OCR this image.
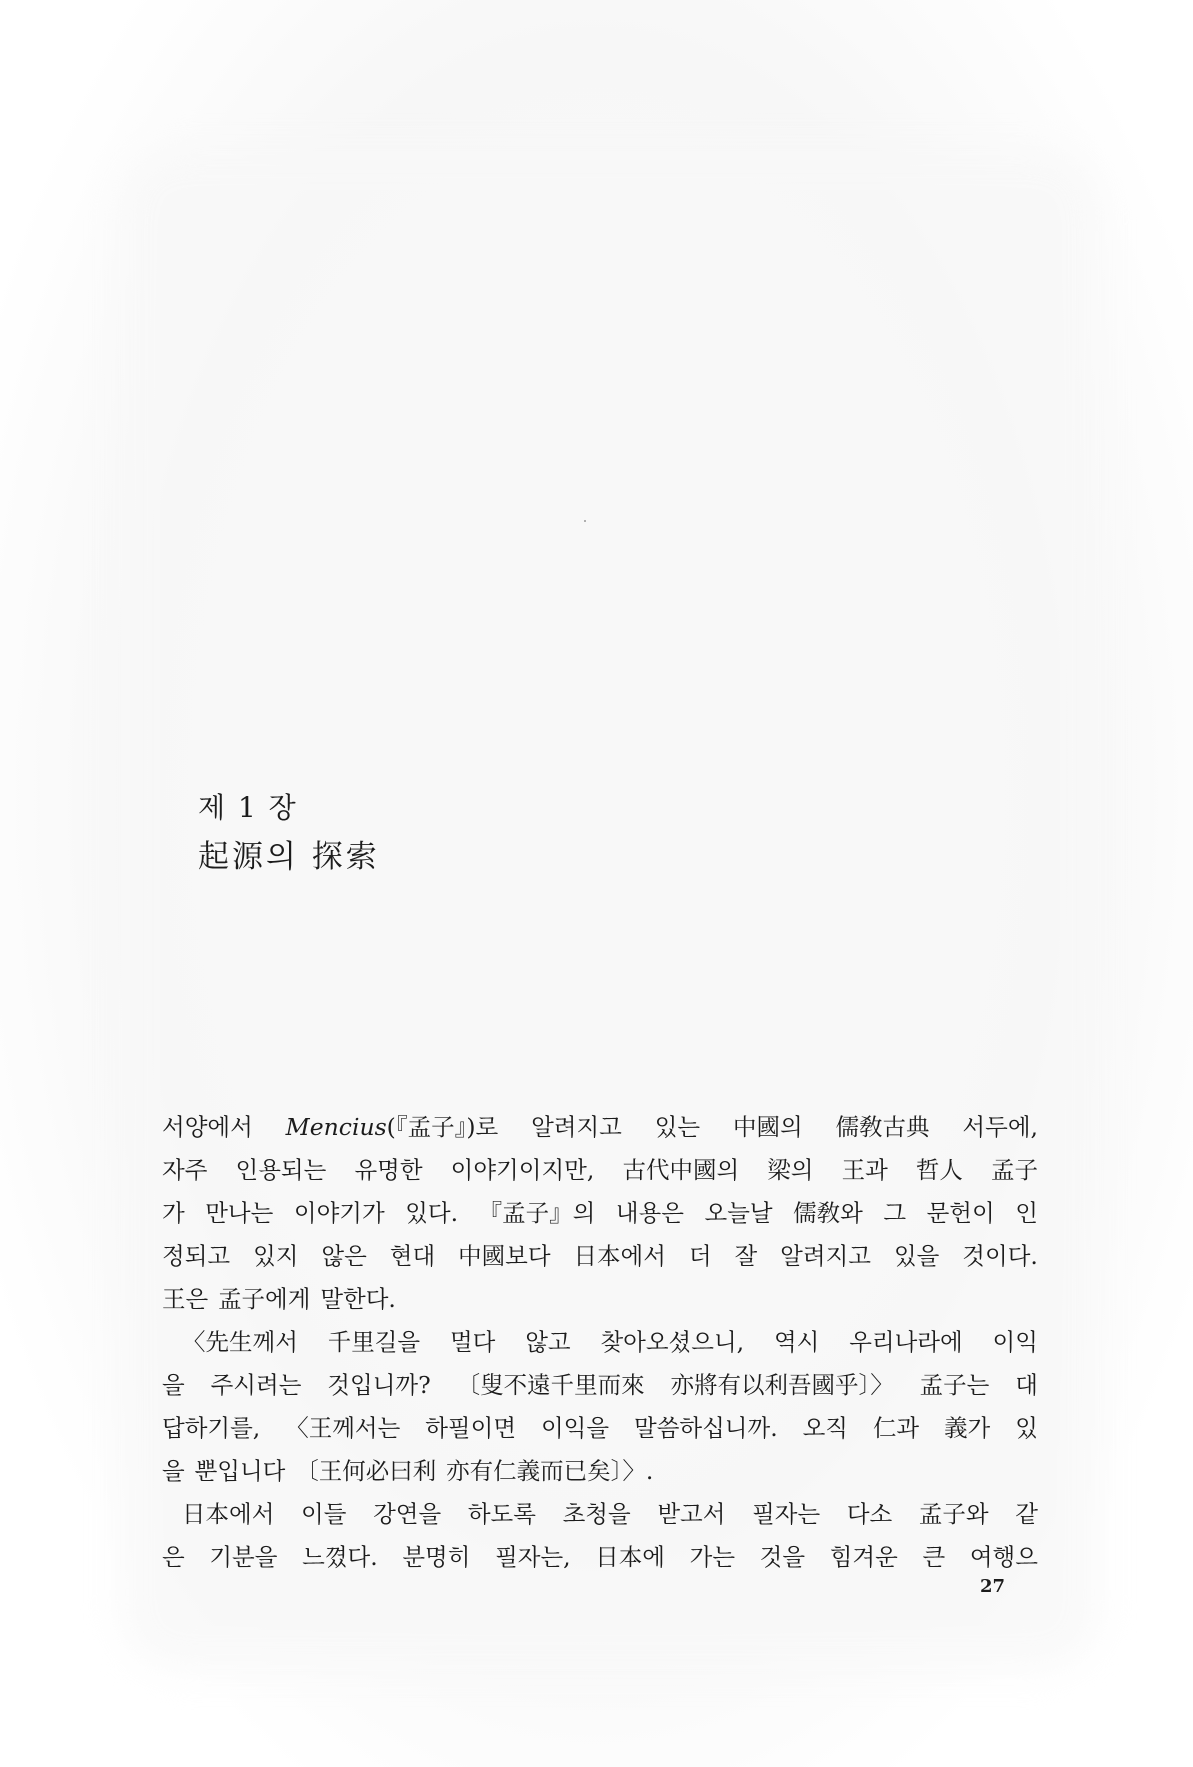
제 1 장
起源의 探索
서양에서 Mencius(『孟子』)로 알려지고 있는 中國의 儒敎古典 서두에,
자주 인용되는 유명한 이야기이지만, 古代中國의 梁의 王과 哲人 孟子
가 만나는 이야기가 있다. 『孟子』의 내용은 오늘날 儒敎와 그 문헌이 인
정되고 있지 않은 현대 中國보다 日本에서 더 잘 알려지고 있을 것이다.
王은 孟子에게 말한다.
〈先生께서 千里길을 멀다 않고 찾아오셨으니, 역시 우리나라에 이익
을 주시려는 것입니까? 〔叟不遠千里而來 亦將有以利吾國乎〕〉 孟子는 대
답하기를, 〈王께서는 하필이면 이익을 말씀하십니까. 오직 仁과 義가 있
을 뿐입니다 〔王何必曰利 亦有仁義而已矣〕〉.
日本에서 이들 강연을 하도록 초청을 받고서 필자는 다소 孟子와 같
은 기분을 느꼈다. 분명히 필자는, 日本에 가는 것을 힘겨운 큰 여행으
27
